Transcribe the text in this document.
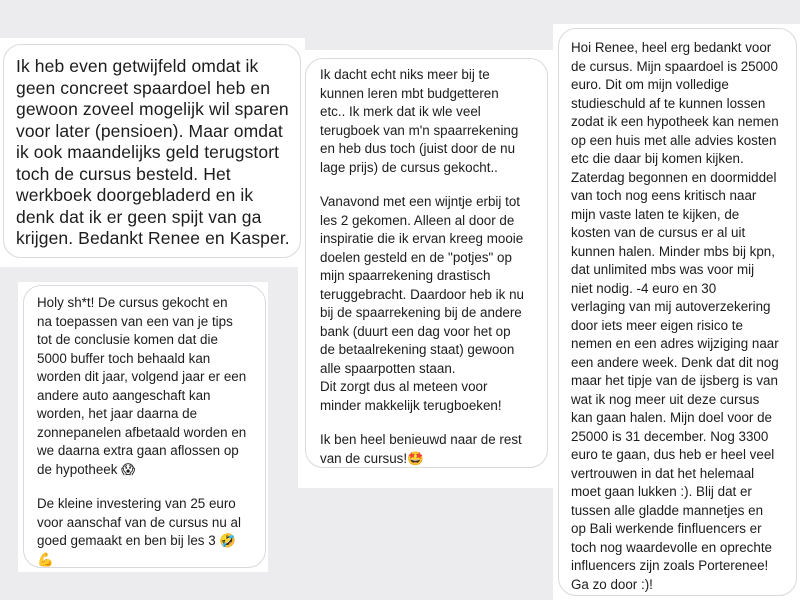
Ik heb even getwijfeld omdat ik
geen concreet spaardoel heb en
gewoon zoveel mogelijk wil sparen
voor later (pensioen). Maar omdat
ik ook maandelijks geld terugstort
toch de cursus besteld. Het
werkboek doorgebladerd en ik
denk dat ik er geen spijt van ga
krijgen. Bedankt Renee en Kasper.

Holy sh*t! De cursus gekocht en
na toepassen van een van je tips
tot de conclusie komen dat die
5000 buffer toch behaald kan
worden dit jaar, volgend jaar er een
andere auto aangeschaft kan
worden, het jaar daarna de
zonnepanelen afbetaald worden en
we daarna extra gaan aflossen op
de hypotheek 😱

De kleine investering van 25 euro
voor aanschaf van de cursus nu al
goed gemaakt en ben bij les 3 🤣
💪

Ik dacht echt niks meer bij te
kunnen leren mbt budgetteren
etc.. Ik merk dat ik wle veel
terugboek van m'n spaarrekening
en heb dus toch (juist door de nu
lage prijs) de cursus gekocht..

Vanavond met een wijntje erbij tot
les 2 gekomen. Alleen al door de
inspiratie die ik ervan kreeg mooie
doelen gesteld en de "potjes" op
mijn spaarrekening drastisch
teruggebracht. Daardoor heb ik nu
bij de spaarrekening bij de andere
bank (duurt een dag voor het op
de betaalrekening staat) gewoon
alle spaarpotten staan.
Dit zorgt dus al meteen voor
minder makkelijk terugboeken!

Ik ben heel benieuwd naar de rest
van de cursus!🤩

Hoi Renee, heel erg bedankt voor
de cursus. Mijn spaardoel is 25000
euro. Dit om mijn volledige
studieschuld af te kunnen lossen
zodat ik een hypotheek kan nemen
op een huis met alle advies kosten
etc die daar bij komen kijken.
Zaterdag begonnen en doormiddel
van toch nog eens kritisch naar
mijn vaste laten te kijken, de
kosten van de cursus er al uit
kunnen halen. Minder mbs bij kpn,
dat unlimited mbs was voor mij
niet nodig. -4 euro en 30
verlaging van mij autoverzekering
door iets meer eigen risico te
nemen en een adres wijziging naar
een andere week. Denk dat dit nog
maar het tipje van de ijsberg is van
wat ik nog meer uit deze cursus
kan gaan halen. Mijn doel voor de
25000 is 31 december. Nog 3300
euro te gaan, dus heb er heel veel
vertrouwen in dat het helemaal
moet gaan lukken :). Blij dat er
tussen alle gladde mannetjes en
op Bali werkende finfluencers er
toch nog waardevolle en oprechte
influencers zijn zoals Porterenee!
Ga zo door :)!
